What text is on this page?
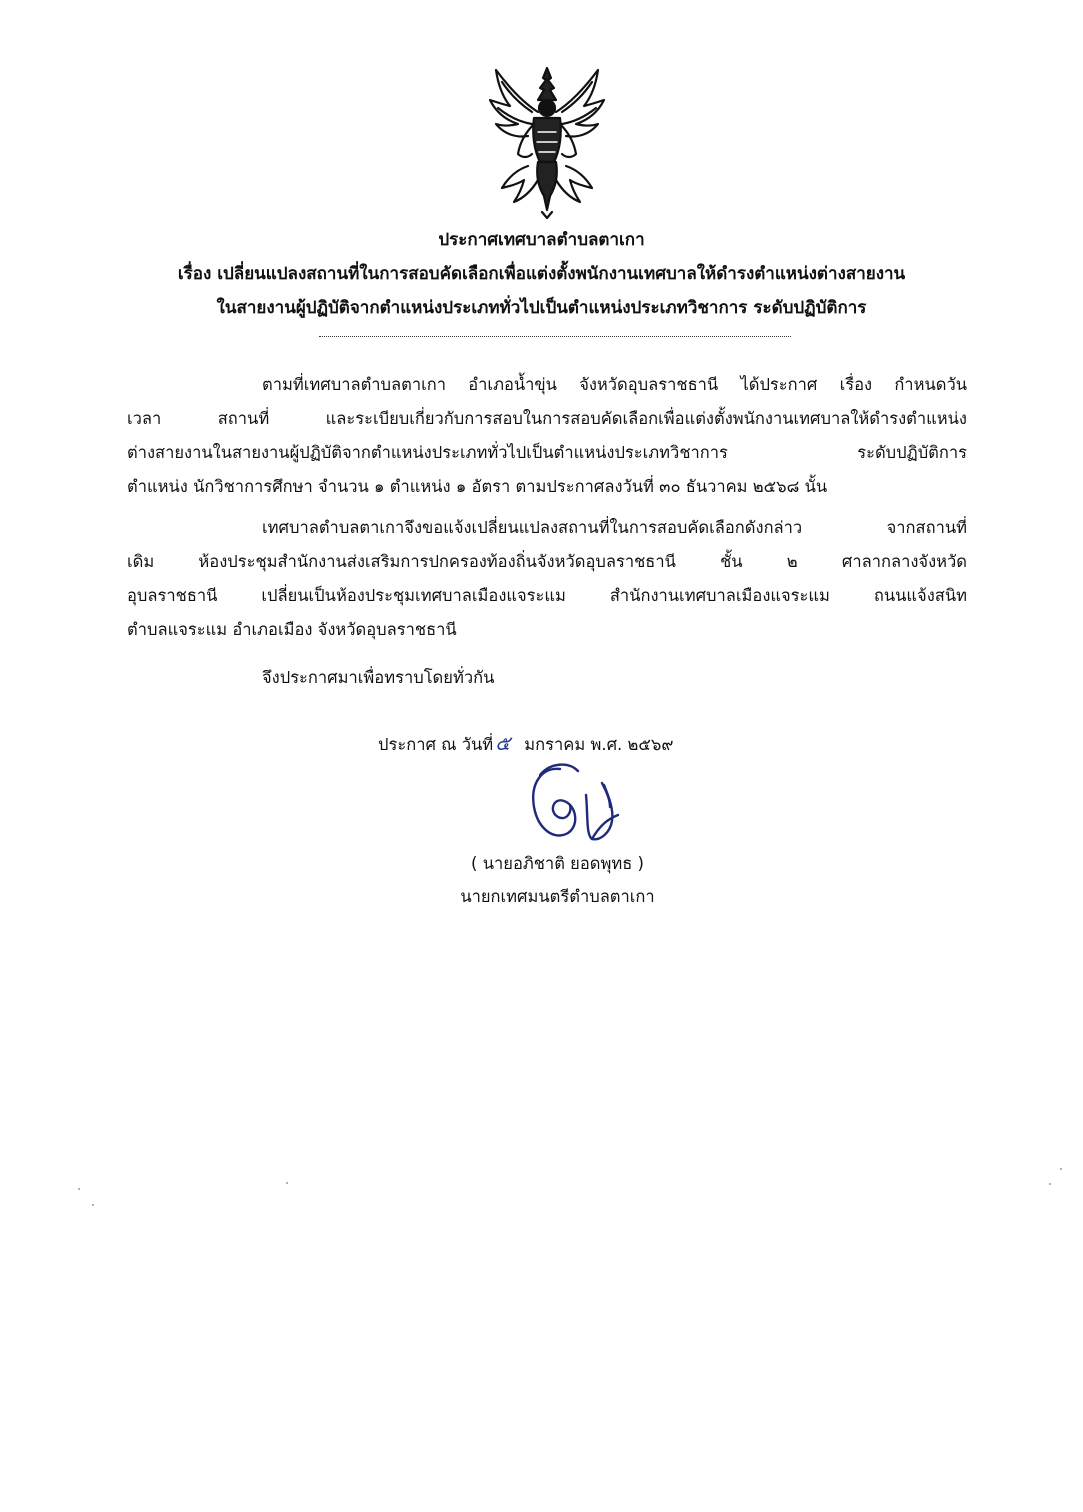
ประกาศเทศบาลตำบลตาเกา
เรื่อง เปลี่ยนแปลงสถานที่ในการสอบคัดเลือกเพื่อแต่งตั้งพนักงานเทศบาลให้ดำรงตำแหน่งต่างสายงาน
ในสายงานผู้ปฏิบัติจากตำแหน่งประเภททั่วไปเป็นตำแหน่งประเภทวิชาการ ระดับปฏิบัติการ
ตามที่เทศบาลตำบลตาเกา อำเภอน้ำขุ่น จังหวัดอุบลราชธานี ได้ประกาศ เรื่อง กำหนดวัน
เวลา สถานที่ และระเบียบเกี่ยวกับการสอบในการสอบคัดเลือกเพื่อแต่งตั้งพนักงานเทศบาลให้ดำรงตำแหน่ง
ต่างสายงานในสายงานผู้ปฏิบัติจากตำแหน่งประเภททั่วไปเป็นตำแหน่งประเภทวิชาการ ระดับปฏิบัติการ
ตำแหน่ง นักวิชาการศึกษา จำนวน ๑ ตำแหน่ง ๑ อัตรา ตามประกาศลงวันที่ ๓๐ ธันวาคม ๒๕๖๘ นั้น
เทศบาลตำบลตาเกาจึงขอแจ้งเปลี่ยนแปลงสถานที่ในการสอบคัดเลือกดังกล่าว จากสถานที่
เดิม ห้องประชุมสำนักงานส่งเสริมการปกครองท้องถิ่นจังหวัดอุบลราชธานี ชั้น ๒ ศาลากลางจังหวัด
อุบลราชธานี เปลี่ยนเป็นห้องประชุมเทศบาลเมืองแจระแม สำนักงานเทศบาลเมืองแจระแม ถนนแจ้งสนิท
ตำบลแจระแม อำเภอเมือง จังหวัดอุบลราชธานี
จึงประกาศมาเพื่อทราบโดยทั่วกัน
ประกาศ ณ วันที่ ๕ มกราคม พ.ศ. ๒๕๖๙
( นายอภิชาติ ยอดพุทธ )
นายกเทศมนตรีตำบลตาเกา
